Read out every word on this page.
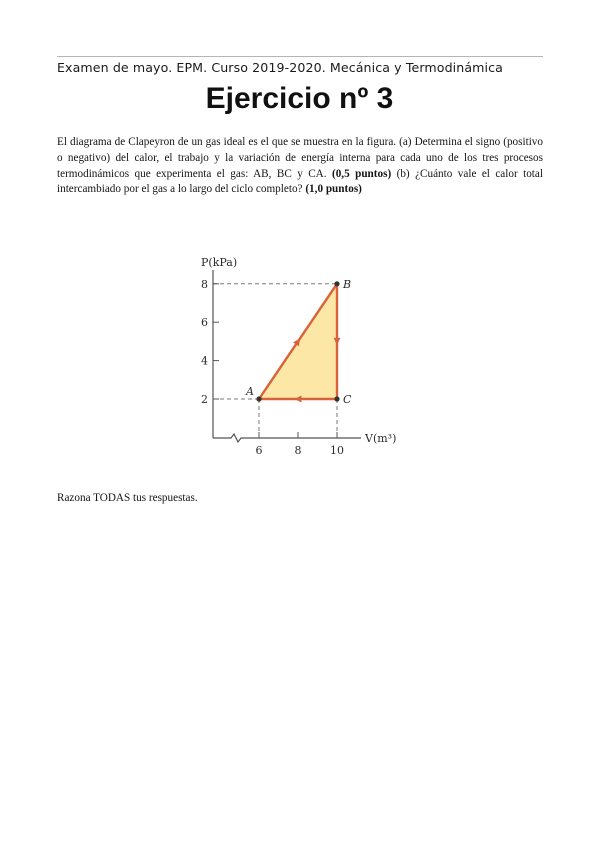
Examen de mayo. EPM. Curso 2019-2020. Mecánica y Termodinámica
Ejercicio nº 3
El diagrama de Clapeyron de un gas ideal es el que se muestra en la figura. (a) Determina el signo (positivo o negativo) del calor, el trabajo y la variación de energía interna para cada uno de los tres procesos termodinámicos que experimenta el gas: AB, BC y CA. (0,5 puntos) (b) ¿Cuánto vale el calor total intercambiado por el gas a lo largo del ciclo completo? (1,0 puntos)
P(kPa)
V(m³)
8
6
4
2
6	8	10
A
B
C
Razona TODAS tus respuestas.
